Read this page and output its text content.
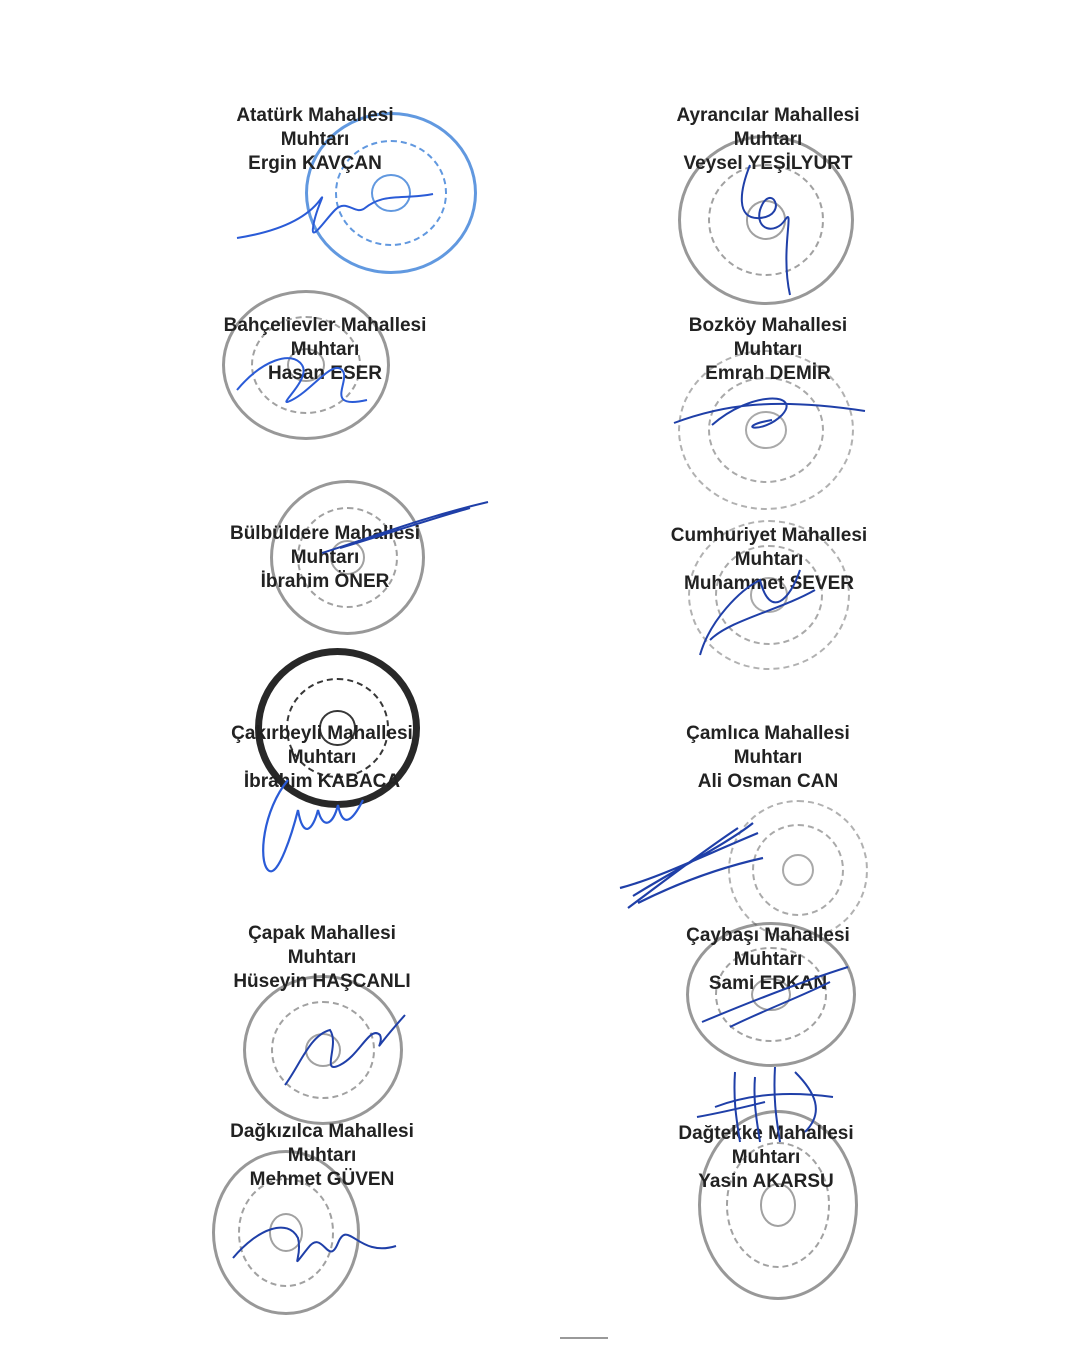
Atatürk Mahallesi
Muhtarı
Ergin KAVÇAN
Ayrancılar Mahallesi
Muhtarı
Veysel YEŞİLYURT
Bahçelievler Mahallesi
Muhtarı
Hasan ESER
Bozköy Mahallesi
Muhtarı
Emrah DEMİR
Bülbüldere Mahallesi
Muhtarı
İbrahim ÖNER
Cumhuriyet Mahallesi
Muhtarı
Muhammet SEVER
Çakırbeyli Mahallesi
Muhtarı
İbrahim KABACA
Çamlıca Mahallesi
Muhtarı
Ali Osman CAN
Çapak Mahallesi
Muhtarı
Hüseyin HAŞCANLI
Çaybaşı Mahallesi
Muhtarı
Sami ERKAN
Dağkızılca Mahallesi
Muhtarı
Mehmet GÜVEN
Dağtekke Mahallesi
Muhtarı
Yasin AKARSU
